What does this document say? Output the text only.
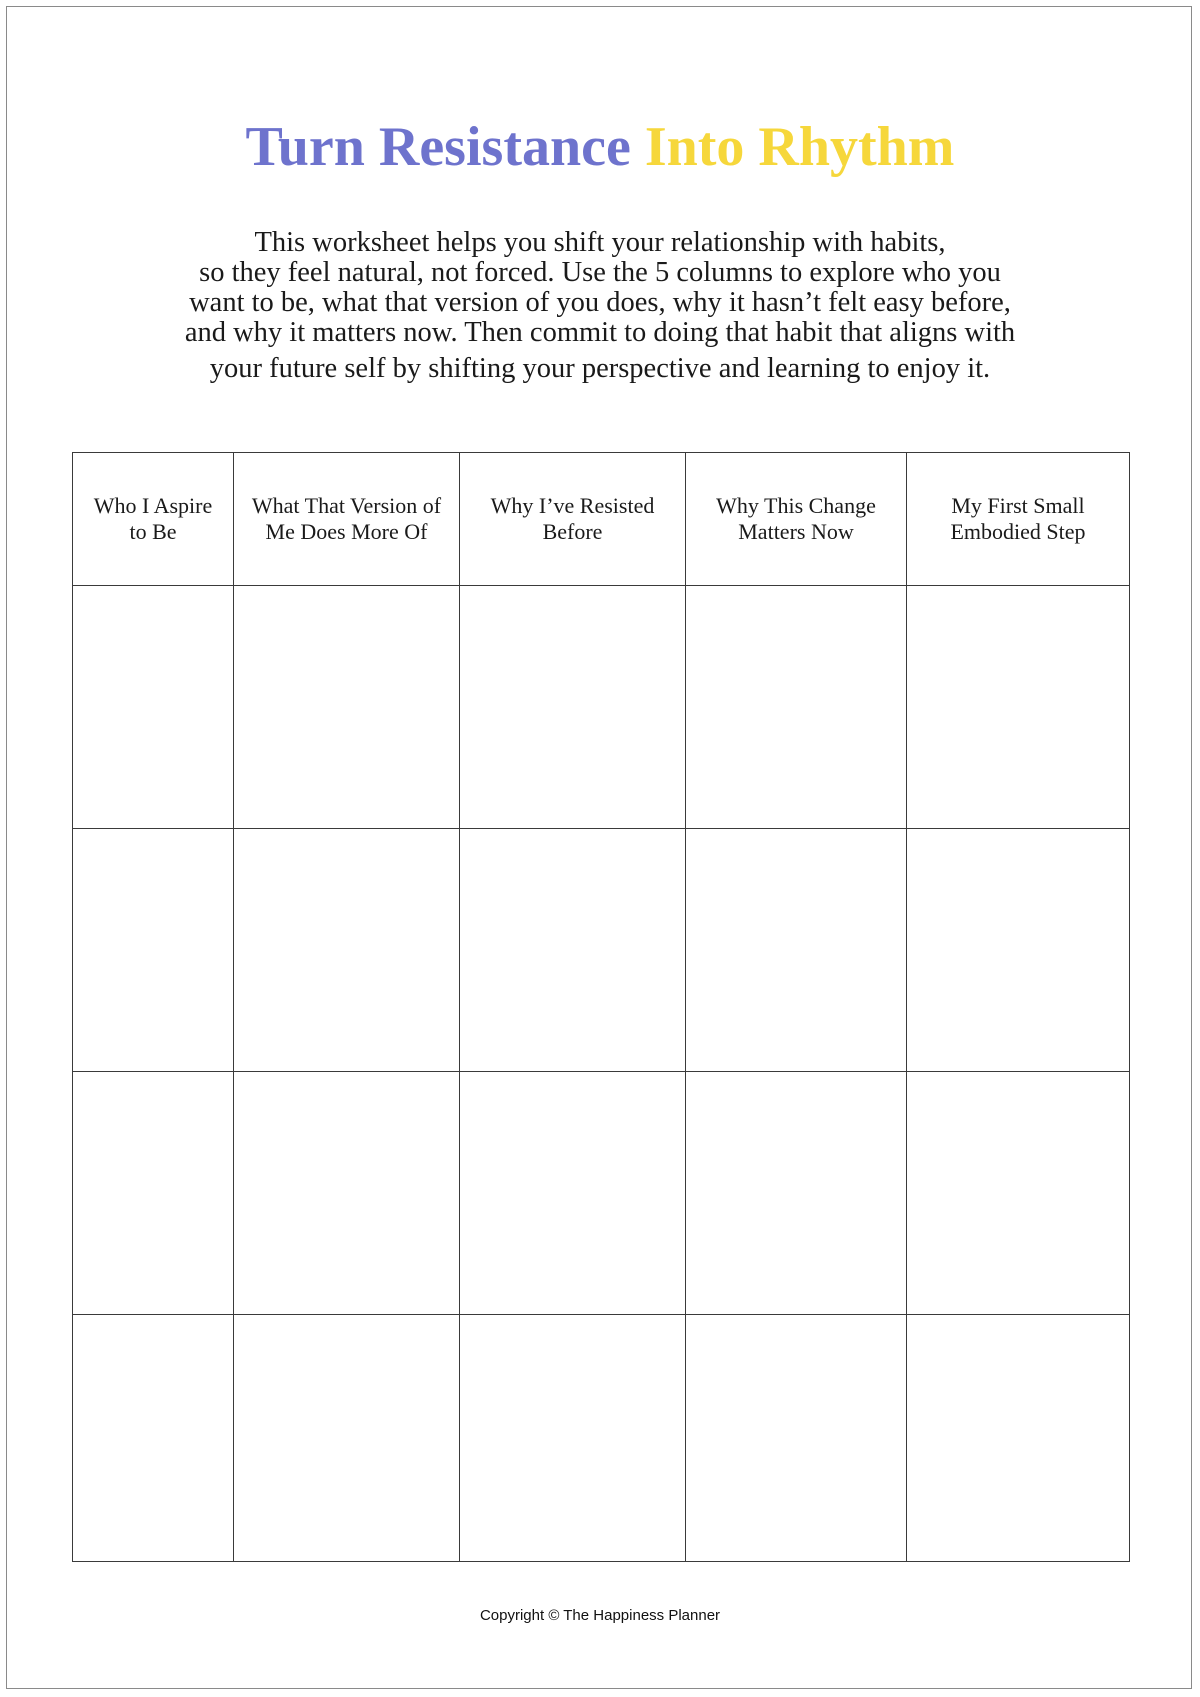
Turn Resistance Into Rhythm

This worksheet helps you shift your relationship with habits,
so they feel natural, not forced. Use the 5 columns to explore who you
want to be, what that version of you does, why it hasn’t felt easy before,
and why it matters now. Then commit to doing that habit that aligns with
your future self by shifting your perspective and learning to enjoy it.

Who I Aspire
to Be	What That Version of
Me Does More Of	Why I’ve Resisted
Before	Why This Change
Matters Now	My First Small
Embodied Step

Copyright © The Happiness Planner
